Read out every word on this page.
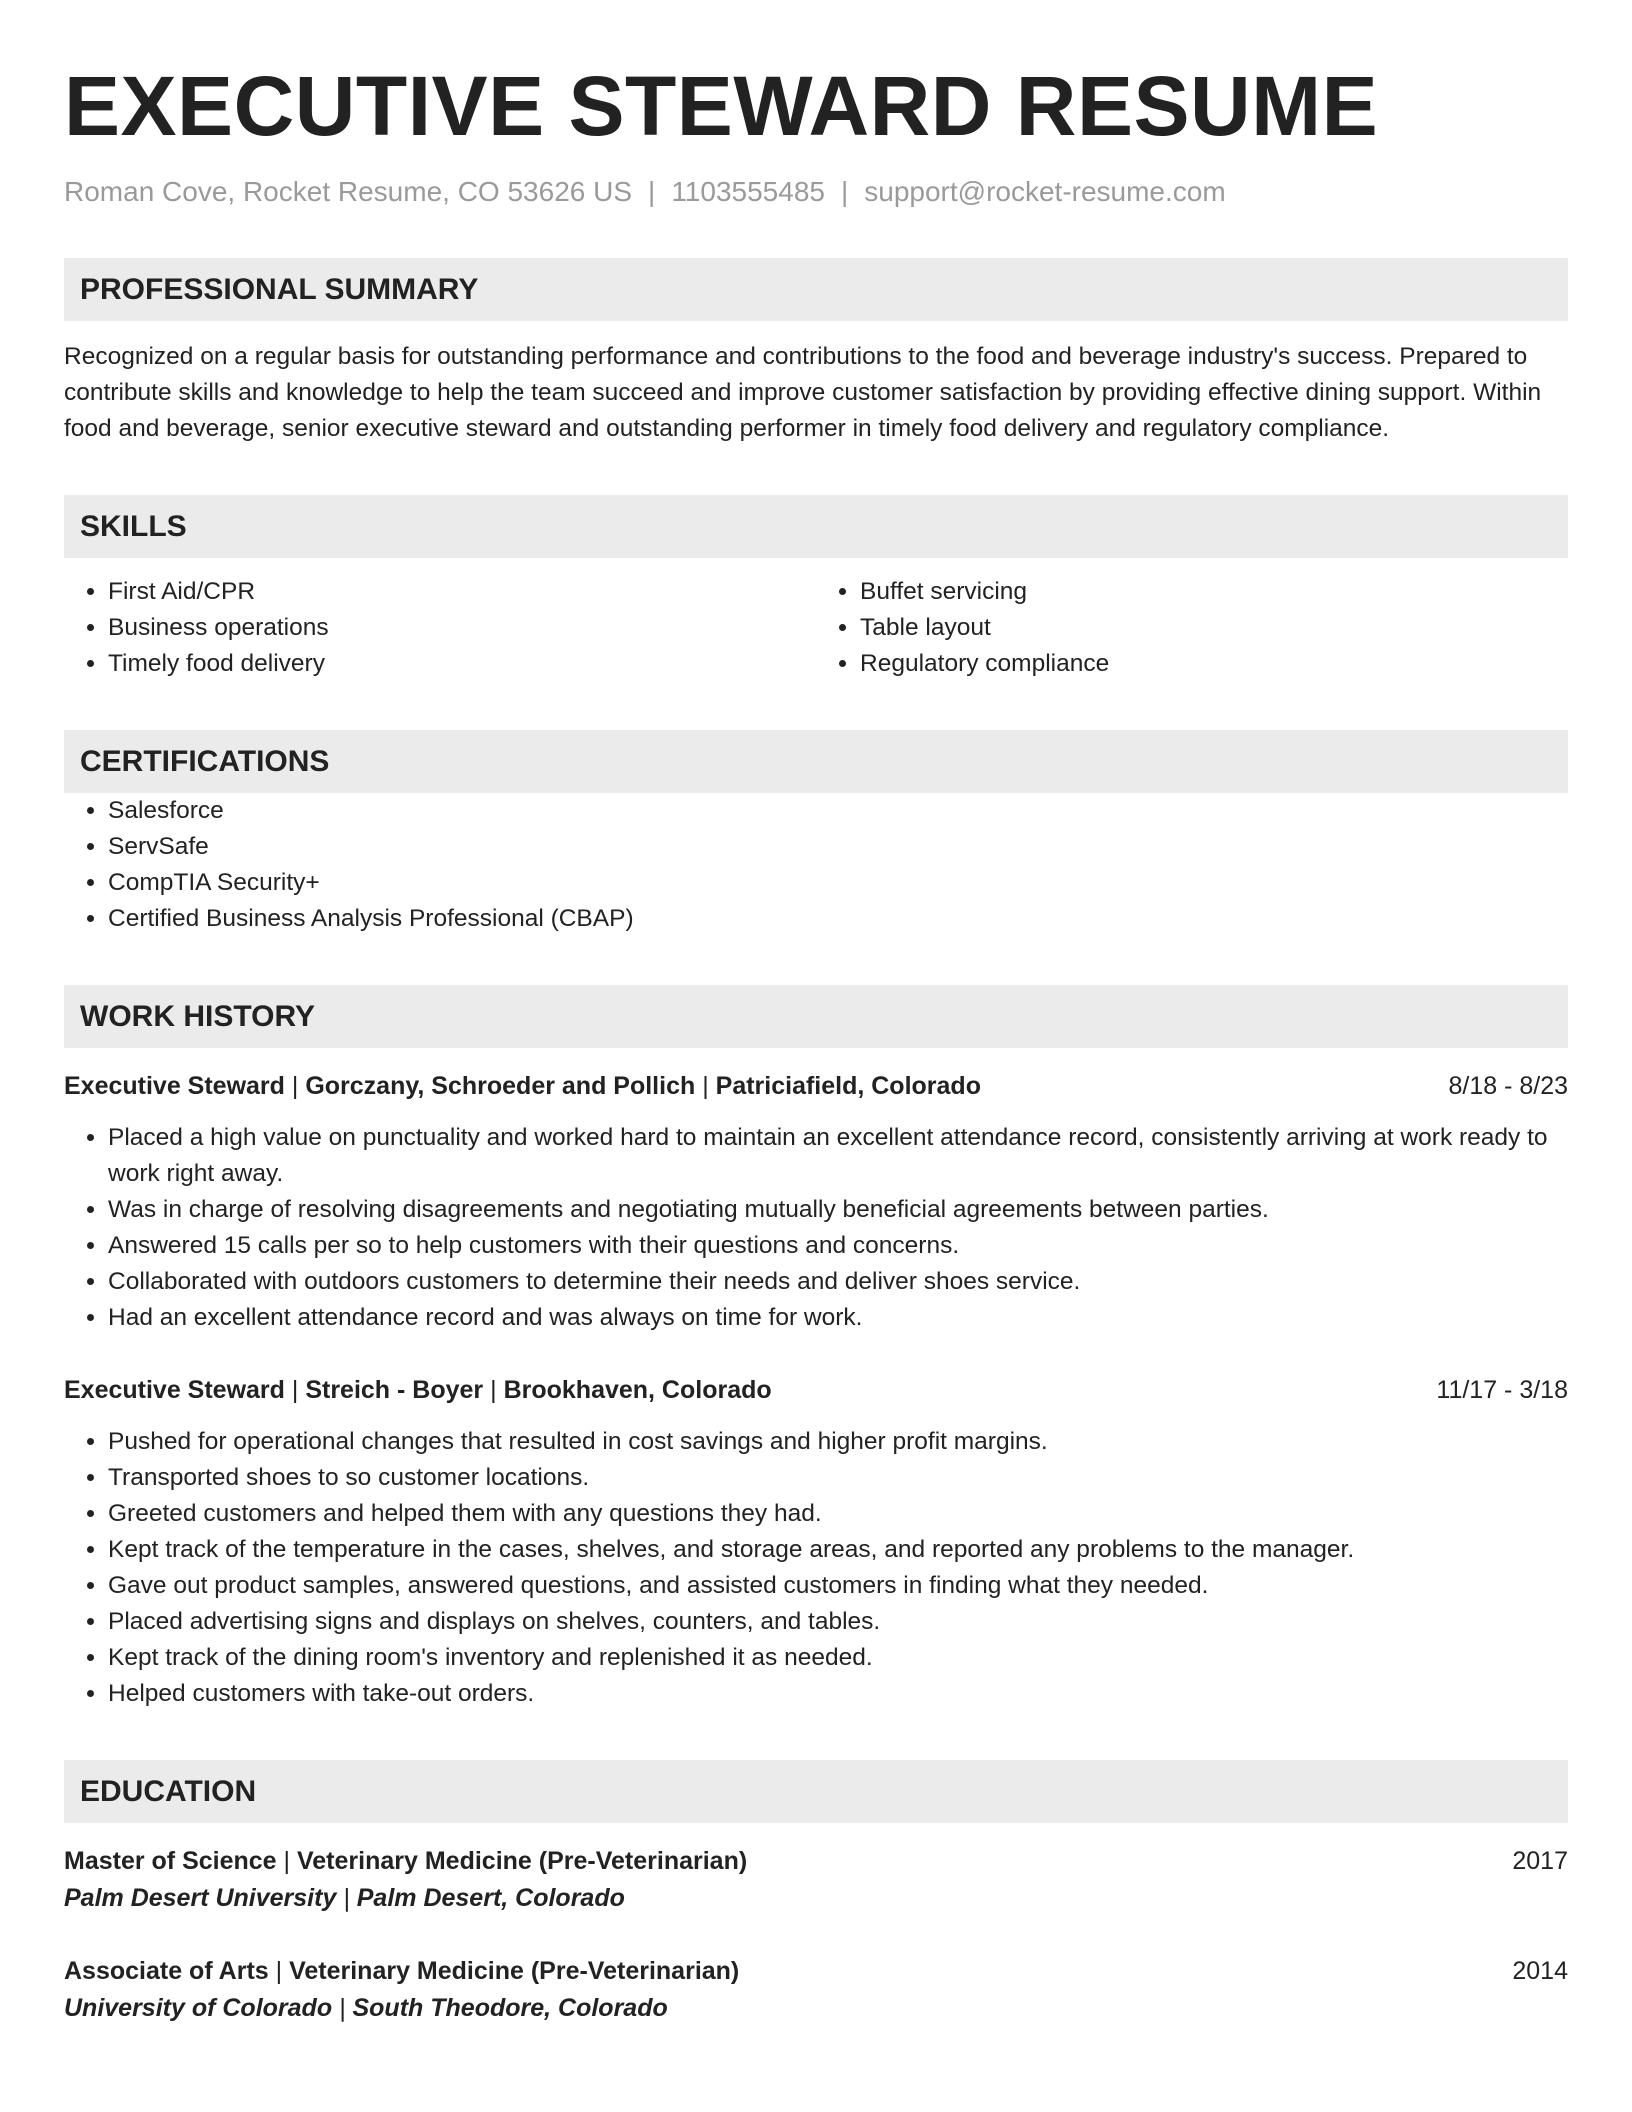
EXECUTIVE STEWARD RESUME
Roman Cove, Rocket Resume, CO 53626 US | 1103555485 | support@rocket-resume.com
PROFESSIONAL SUMMARY
Recognized on a regular basis for outstanding performance and contributions to the food and beverage industry's success. Prepared to contribute skills and knowledge to help the team succeed and improve customer satisfaction by providing effective dining support. Within food and beverage, senior executive steward and outstanding performer in timely food delivery and regulatory compliance.
SKILLS
• First Aid/CPR
• Business operations
• Timely food delivery
• Buffet servicing
• Table layout
• Regulatory compliance
CERTIFICATIONS
• Salesforce
• ServSafe
• CompTIA Security+
• Certified Business Analysis Professional (CBAP)
WORK HISTORY
Executive Steward | Gorczany, Schroeder and Pollich | Patriciafield, Colorado	8/18 - 8/23
• Placed a high value on punctuality and worked hard to maintain an excellent attendance record, consistently arriving at work ready to work right away.
• Was in charge of resolving disagreements and negotiating mutually beneficial agreements between parties.
• Answered 15 calls per so to help customers with their questions and concerns.
• Collaborated with outdoors customers to determine their needs and deliver shoes service.
• Had an excellent attendance record and was always on time for work.
Executive Steward | Streich - Boyer | Brookhaven, Colorado	11/17 - 3/18
• Pushed for operational changes that resulted in cost savings and higher profit margins.
• Transported shoes to so customer locations.
• Greeted customers and helped them with any questions they had.
• Kept track of the temperature in the cases, shelves, and storage areas, and reported any problems to the manager.
• Gave out product samples, answered questions, and assisted customers in finding what they needed.
• Placed advertising signs and displays on shelves, counters, and tables.
• Kept track of the dining room's inventory and replenished it as needed.
• Helped customers with take-out orders.
EDUCATION
Master of Science | Veterinary Medicine (Pre-Veterinarian)	2017
Palm Desert University | Palm Desert, Colorado
Associate of Arts | Veterinary Medicine (Pre-Veterinarian)	2014
University of Colorado | South Theodore, Colorado
